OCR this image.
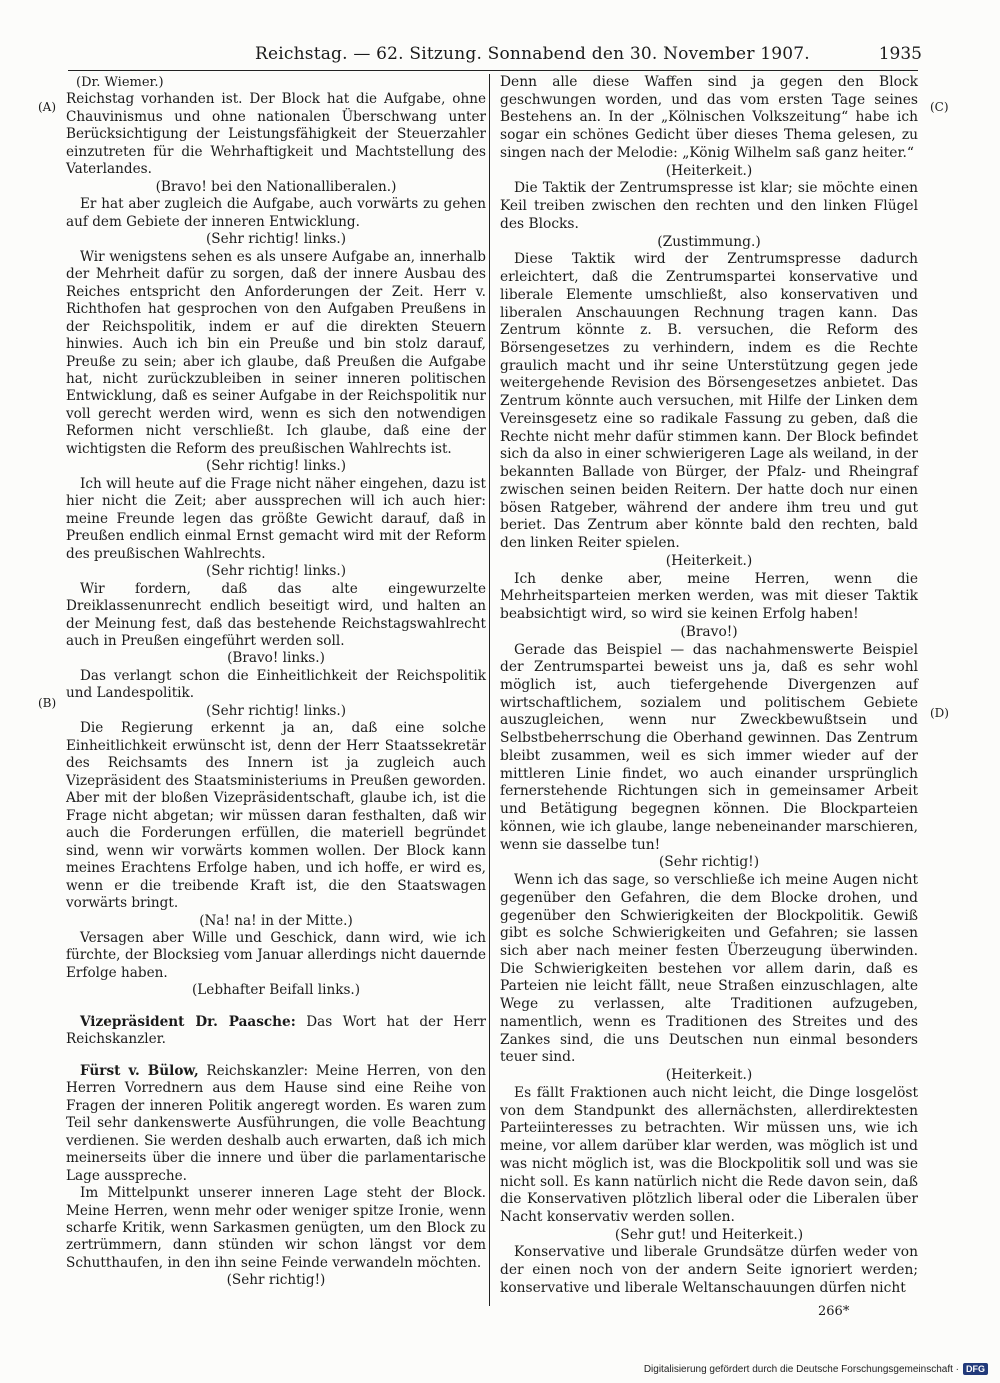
Reichstag. — 62. Sitzung. Sonnabend den 30. November 1907.	1935
(A)
(B)
(C)
(D)

(Dr. Wiemer.)

Reichstag vorhanden ist. Der Block hat die Aufgabe, ohne Chauvinismus und ohne nationalen Überschwang unter Berücksichtigung der Leistungsfähigkeit der Steuerzahler einzutreten für die Wehrhaftigkeit und Machtstellung des Vaterlandes.

(Bravo! bei den Nationalliberalen.)

Er hat aber zugleich die Aufgabe, auch vorwärts zu gehen auf dem Gebiete der inneren Entwicklung.

(Sehr richtig! links.)

Wir wenigstens sehen es als unsere Aufgabe an, innerhalb der Mehrheit dafür zu sorgen, daß der innere Ausbau des Reiches entspricht den Anforderungen der Zeit. Herr v. Richthofen hat gesprochen von den Aufgaben Preußens in der Reichspolitik, indem er auf die direkten Steuern hinwies. Auch ich bin ein Preuße und bin stolz darauf, Preuße zu sein; aber ich glaube, daß Preußen die Aufgabe hat, nicht zurückzubleiben in seiner inneren politischen Entwicklung, daß es seiner Aufgabe in der Reichspolitik nur voll gerecht werden wird, wenn es sich den notwendigen Reformen nicht verschließt. Ich glaube, daß eine der wichtigsten die Reform des preußischen Wahlrechts ist.

(Sehr richtig! links.)

Ich will heute auf die Frage nicht näher eingehen, dazu ist hier nicht die Zeit; aber aussprechen will ich auch hier: meine Freunde legen das größte Gewicht darauf, daß in Preußen endlich einmal Ernst gemacht wird mit der Reform des preußischen Wahlrechts.

(Sehr richtig! links.)

Wir fordern, daß das alte eingewurzelte Dreiklassenunrecht endlich beseitigt wird, und halten an der Meinung fest, daß das bestehende Reichstagswahlrecht auch in Preußen eingeführt werden soll.

(Bravo! links.)

Das verlangt schon die Einheitlichkeit der Reichspolitik und Landespolitik.

(Sehr richtig! links.)

Die Regierung erkennt ja an, daß eine solche Einheitlichkeit erwünscht ist, denn der Herr Staatssekretär des Reichsamts des Innern ist ja zugleich auch Vizepräsident des Staatsministeriums in Preußen geworden. Aber mit der bloßen Vizepräsidentschaft, glaube ich, ist die Frage nicht abgetan; wir müssen daran festhalten, daß wir auch die Forderungen erfüllen, die materiell begründet sind, wenn wir vorwärts kommen wollen. Der Block kann meines Erachtens Erfolge haben, und ich hoffe, er wird es, wenn er die treibende Kraft ist, die den Staatswagen vorwärts bringt.

(Na! na! in der Mitte.)

Versagen aber Wille und Geschick, dann wird, wie ich fürchte, der Blocksieg vom Januar allerdings nicht dauernde Erfolge haben.

(Lebhafter Beifall links.)

Vizepräsident Dr. Paasche: Das Wort hat der Herr Reichskanzler.

Fürst v. Bülow, Reichskanzler: Meine Herren, von den Herren Vorrednern aus dem Hause sind eine Reihe von Fragen der inneren Politik angeregt worden. Es waren zum Teil sehr dankenswerte Ausführungen, die volle Beachtung verdienen. Sie werden deshalb auch erwarten, daß ich mich meinerseits über die innere und über die parlamentarische Lage ausspreche.

Im Mittelpunkt unserer inneren Lage steht der Block. Meine Herren, wenn mehr oder weniger spitze Ironie, wenn scharfe Kritik, wenn Sarkasmen genügten, um den Block zu zertrümmern, dann stünden wir schon längst vor dem Schutthaufen, in den ihn seine Feinde verwandeln möchten.

(Sehr richtig!)

Denn alle diese Waffen sind ja gegen den Block geschwungen worden, und das vom ersten Tage seines Bestehens an. In der „Kölnischen Volkszeitung“ habe ich sogar ein schönes Gedicht über dieses Thema gelesen, zu singen nach der Melodie: „König Wilhelm saß ganz heiter.“

(Heiterkeit.)

Die Taktik der Zentrumspresse ist klar; sie möchte einen Keil treiben zwischen den rechten und den linken Flügel des Blocks.

(Zustimmung.)

Diese Taktik wird der Zentrumspresse dadurch erleichtert, daß die Zentrumspartei konservative und liberale Elemente umschließt, also konservativen und liberalen Anschauungen Rechnung tragen kann. Das Zentrum könnte z. B. versuchen, die Reform des Börsengesetzes zu verhindern, indem es die Rechte graulich macht und ihr seine Unterstützung gegen jede weitergehende Revision des Börsengesetzes anbietet. Das Zentrum könnte auch versuchen, mit Hilfe der Linken dem Vereinsgesetz eine so radikale Fassung zu geben, daß die Rechte nicht mehr dafür stimmen kann. Der Block befindet sich da also in einer schwierigeren Lage als weiland, in der bekannten Ballade von Bürger, der Pfalz- und Rheingraf zwischen seinen beiden Reitern. Der hatte doch nur einen bösen Ratgeber, während der andere ihm treu und gut beriet. Das Zentrum aber könnte bald den rechten, bald den linken Reiter spielen.

(Heiterkeit.)

Ich denke aber, meine Herren, wenn die Mehrheitsparteien merken werden, was mit dieser Taktik beabsichtigt wird, so wird sie keinen Erfolg haben!

(Bravo!)

Gerade das Beispiel — das nachahmenswerte Beispiel der Zentrumspartei beweist uns ja, daß es sehr wohl möglich ist, auch tiefergehende Divergenzen auf wirtschaftlichem, sozialem und politischem Gebiete auszugleichen, wenn nur Zweckbewußtsein und Selbstbeherrschung die Oberhand gewinnen. Das Zentrum bleibt zusammen, weil es sich immer wieder auf der mittleren Linie findet, wo auch einander ursprünglich fernerstehende Richtungen sich in gemeinsamer Arbeit und Betätigung begegnen können. Die Blockparteien können, wie ich glaube, lange nebeneinander marschieren, wenn sie dasselbe tun!

(Sehr richtig!)

Wenn ich das sage, so verschließe ich meine Augen nicht gegenüber den Gefahren, die dem Blocke drohen, und gegenüber den Schwierigkeiten der Blockpolitik. Gewiß gibt es solche Schwierigkeiten und Gefahren; sie lassen sich aber nach meiner festen Überzeugung überwinden. Die Schwierigkeiten bestehen vor allem darin, daß es Parteien nie leicht fällt, neue Straßen einzuschlagen, alte Wege zu verlassen, alte Traditionen aufzugeben, namentlich, wenn es Traditionen des Streites und des Zankes sind, die uns Deutschen nun einmal besonders teuer sind.

(Heiterkeit.)

Es fällt Fraktionen auch nicht leicht, die Dinge losgelöst von dem Standpunkt des allernächsten, allerdirektesten Parteiinteresses zu betrachten. Wir müssen uns, wie ich meine, vor allem darüber klar werden, was möglich ist und was nicht möglich ist, was die Blockpolitik soll und was sie nicht soll. Es kann natürlich nicht die Rede davon sein, daß die Konservativen plötzlich liberal oder die Liberalen über Nacht konservativ werden sollen.

(Sehr gut! und Heiterkeit.)

Konservative und liberale Grundsätze dürfen weder von der einen noch von der andern Seite ignoriert werden; konservative und liberale Weltanschauungen dürfen nicht

266*
Digitalisierung gefördert durch die Deutsche Forschungsgemeinschaft · DFG
